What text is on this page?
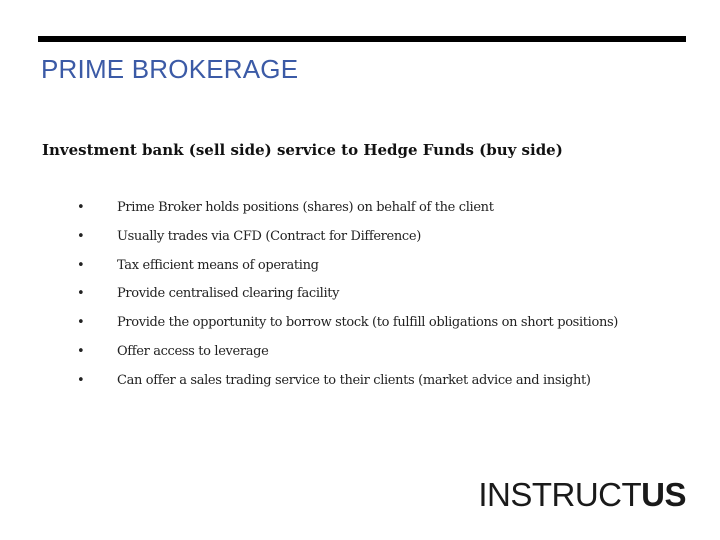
PRIME BROKERAGE
Investment bank (sell side) service to Hedge Funds (buy side)
• Prime Broker holds positions (shares) on behalf of the client
• Usually trades via CFD (Contract for Difference)
• Tax efficient means of operating
• Provide centralised clearing facility
• Provide the opportunity to borrow stock (to fulfill obligations on short positions)
• Offer access to leverage
• Can offer a sales trading service to their clients (market advice and insight)
INSTRUCTUS
